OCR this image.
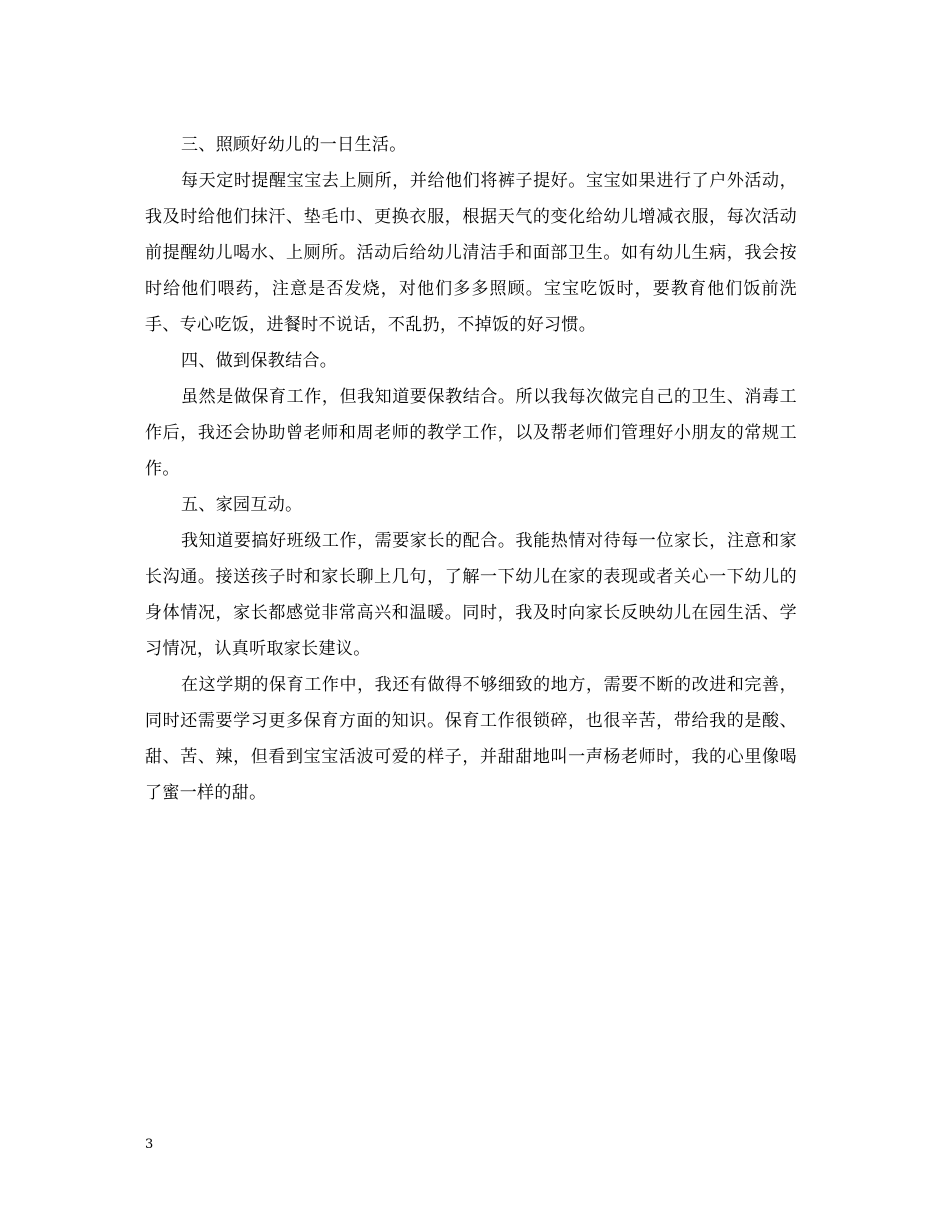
三、照顾好幼儿的一日生活。

每天定时提醒宝宝去上厕所，并给他们将裤子提好。宝宝如果进行了户外活动，我及时给他们抹汗、垫毛巾、更换衣服，根据天气的变化给幼儿增减衣服，每次活动前提醒幼儿喝水、上厕所。活动后给幼儿清洁手和面部卫生。如有幼儿生病，我会按时给他们喂药，注意是否发烧，对他们多多照顾。宝宝吃饭时，要教育他们饭前洗手、专心吃饭，进餐时不说话，不乱扔，不掉饭的好习惯。

四、做到保教结合。

虽然是做保育工作，但我知道要保教结合。所以我每次做完自己的卫生、消毒工作后，我还会协助曾老师和周老师的教学工作，以及帮老师们管理好小朋友的常规工作。

五、家园互动。

我知道要搞好班级工作，需要家长的配合。我能热情对待每一位家长，注意和家长沟通。接送孩子时和家长聊上几句，了解一下幼儿在家的表现或者关心一下幼儿的身体情况，家长都感觉非常高兴和温暖。同时，我及时向家长反映幼儿在园生活、学习情况，认真听取家长建议。

在这学期的保育工作中，我还有做得不够细致的地方，需要不断的改进和完善，同时还需要学习更多保育方面的知识。保育工作很锁碎，也很辛苦，带给我的是酸、甜、苦、辣，但看到宝宝活波可爱的样子，并甜甜地叫一声杨老师时，我的心里像喝了蜜一样的甜。

3
